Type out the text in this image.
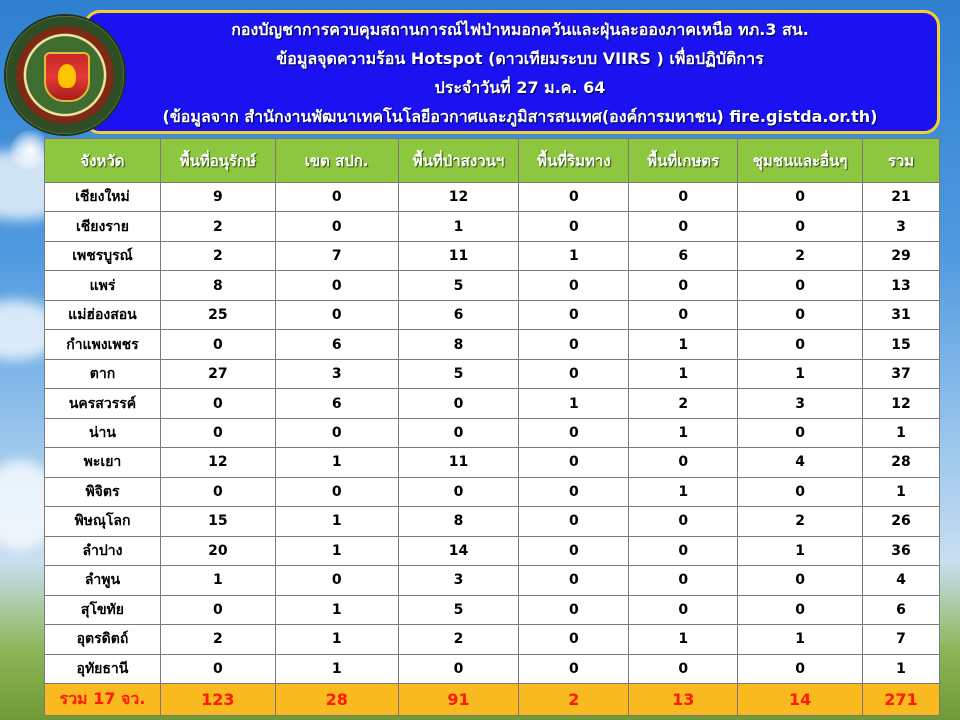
กองบัญชาการควบคุมสถานการณ์ไฟป่าหมอกควันและฝุ่นละอองภาคเหนือ ทภ.3 สน.
ข้อมูลจุดความร้อน Hotspot (ดาวเทียมระบบ VIIRS ) เพื่อปฏิบัติการ
ประจำวันที่ 27 ม.ค. 64
(ข้อมูลจาก สำนักงานพัฒนาเทคโนโลยีอวกาศและภูมิสารสนเทศ(องค์การมหาชน) fire.gistda.or.th)
จังหวัด	พื้นที่อนุรักษ์	เขต สปก.	พื้นที่ป่าสงวนฯ	พื้นที่ริมทาง	พื้นที่เกษตร	ชุมชนและอื่นๆ	รวม
เชียงใหม่	9	0	12	0	0	0	21
เชียงราย	2	0	1	0	0	0	3
เพชรบูรณ์	2	7	11	1	6	2	29
แพร่	8	0	5	0	0	0	13
แม่ฮ่องสอน	25	0	6	0	0	0	31
กำแพงเพชร	0	6	8	0	1	0	15
ตาก	27	3	5	0	1	1	37
นครสวรรค์	0	6	0	1	2	3	12
น่าน	0	0	0	0	1	0	1
พะเยา	12	1	11	0	0	4	28
พิจิตร	0	0	0	0	1	0	1
พิษณุโลก	15	1	8	0	0	2	26
ลำปาง	20	1	14	0	0	1	36
ลำพูน	1	0	3	0	0	0	4
สุโขทัย	0	1	5	0	0	0	6
อุตรดิตถ์	2	1	2	0	1	1	7
อุทัยธานี	0	1	0	0	0	0	1
รวม 17 จว.	123	28	91	2	13	14	271
